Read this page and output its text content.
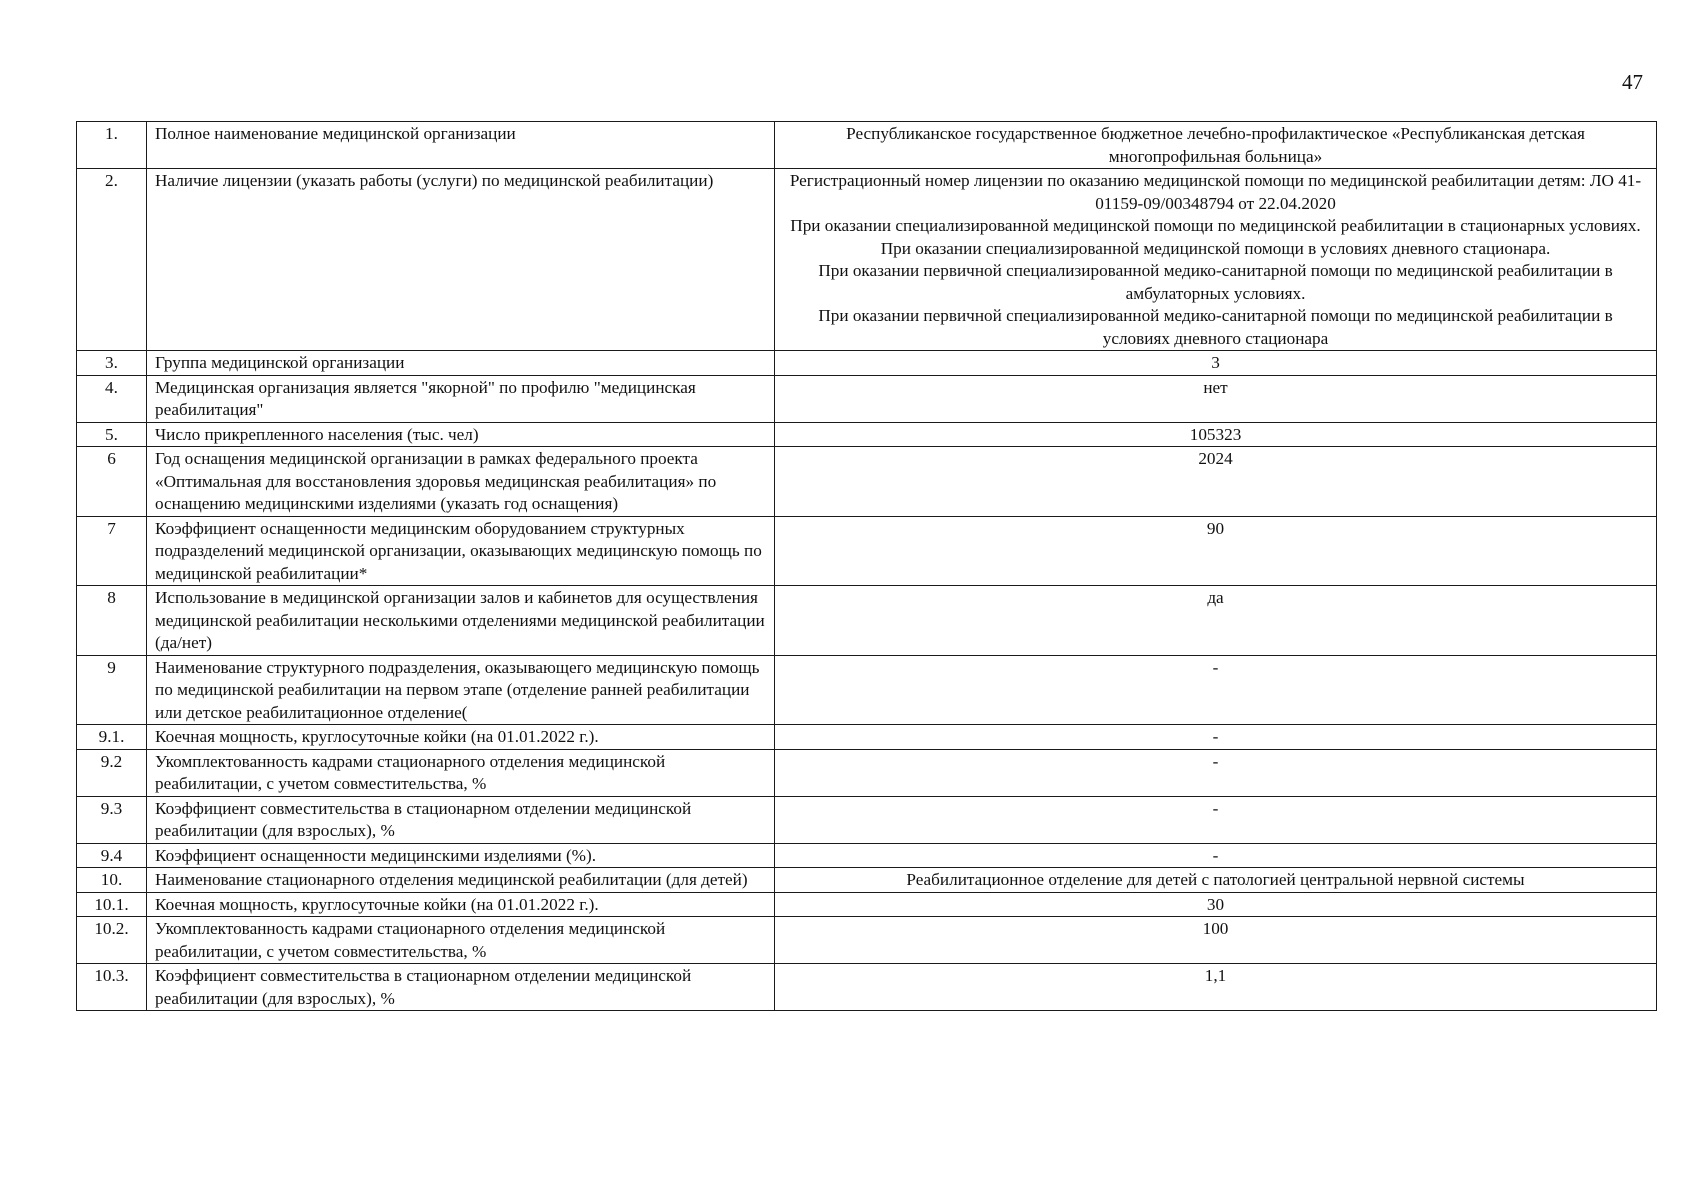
47
1.	Полное наименование медицинской организации	Республиканское государственное бюджетное лечебно-профилактическое «Республиканская детская многопрофильная больница»

2.	Наличие лицензии (указать работы (услуги) по медицинской реабилитации)	Регистрационный номер лицензии по оказанию медицинской помощи по медицинской реабилитации детям: ЛО 41-01159-09/00348794 от 22.04.2020
При оказании специализированной медицинской помощи по медицинской реабилитации в стационарных условиях.
При оказании специализированной медицинской помощи в условиях дневного стационара.
При оказании первичной специализированной медико-санитарной помощи по медицинской реабилитации в амбулаторных условиях.
При оказании первичной специализированной медико-санитарной помощи по медицинской реабилитации в условиях дневного стационара

3.	Группа медицинской организации	3

4.	Медицинская организация является "якорной" по профилю "медицинская реабилитация"	нет

5.	Число прикрепленного населения (тыс. чел)	105323

6	Год оснащения медицинской организации в рамках федерального проекта «Оптимальная для восстановления здоровья медицинская реабилитация» по оснащению медицинскими изделиями (указать год оснащения)	2024

7	Коэффициент оснащенности медицинским оборудованием структурных подразделений медицинской организации, оказывающих медицинскую помощь по медицинской реабилитации*	90

8	Использование в медицинской организации залов и кабинетов для осуществления медицинской реабилитации несколькими отделениями медицинской реабилитации (да/нет)	да

9	Наименование структурного подразделения, оказывающего медицинскую помощь по медицинской реабилитации на первом этапе (отделение ранней реабилитации или детское реабилитационное отделение(	-

9.1.	Коечная мощность, круглосуточные койки (на 01.01.2022 г.).	-

9.2	Укомплектованность кадрами стационарного отделения медицинской реабилитации, с учетом совместительства, %	-

9.3	Коэффициент совместительства в стационарном отделении медицинской реабилитации (для взрослых), %	-

9.4	Коэффициент оснащенности медицинскими изделиями (%).	-

10.	Наименование стационарного отделения медицинской реабилитации (для детей)	Реабилитационное отделение для детей с патологией центральной нервной системы

10.1.	Коечная мощность, круглосуточные койки (на 01.01.2022 г.).	30

10.2.	Укомплектованность кадрами стационарного отделения медицинской реабилитации, с учетом совместительства, %	100

10.3.	Коэффициент совместительства в стационарном отделении медицинской реабилитации (для взрослых), %	1,1
